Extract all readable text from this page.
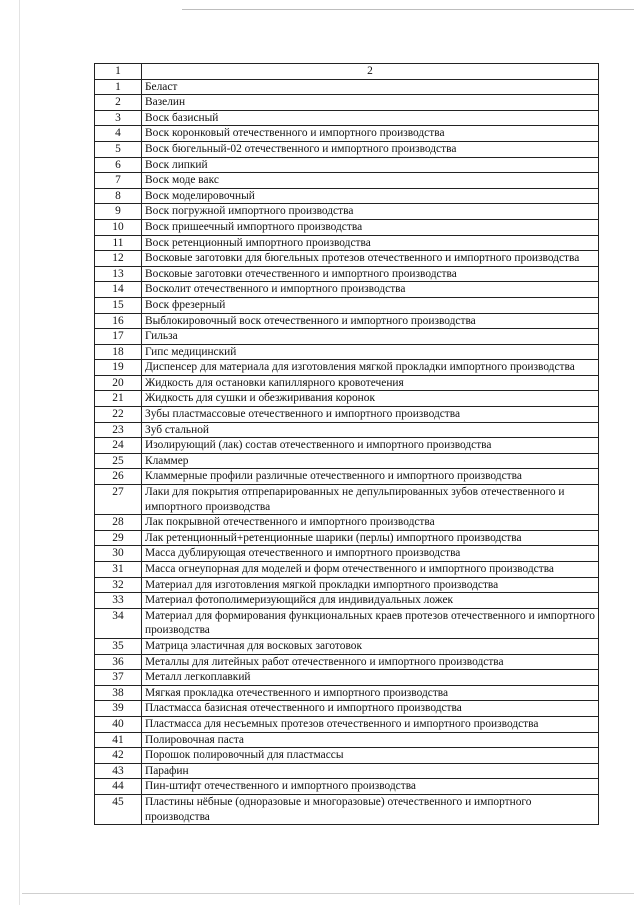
1	2
1	Беласт
2	Вазелин
3	Воск базисный
4	Воск коронковый отечественного и импортного производства
5	Воск бюгельный-02 отечественного и импортного производства
6	Воск липкий
7	Воск моде вакс
8	Воск моделировочный
9	Воск погружной импортного производства
10	Воск пришеечный импортного производства
11	Воск ретенционный импортного производства
12	Восковые заготовки для бюгельных протезов отечественного и импортного производства
13	Восковые заготовки отечественного и импортного производства
14	Восколит отечественного и импортного производства
15	Воск фрезерный
16	Выблокировочный воск отечественного и импортного производства
17	Гильза
18	Гипс медицинский
19	Диспенсер для материала для изготовления мягкой прокладки импортного производства
20	Жидкость для остановки капиллярного кровотечения
21	Жидкость для сушки и обезжиривания коронок
22	Зубы пластмассовые отечественного и импортного производства
23	Зуб стальной
24	Изолирующий (лак) состав отечественного и импортного производства
25	Кламмер
26	Кламмерные профили различные отечественного и импортного производства
27	Лаки для покрытия отпрепарированных не депульпированных зубов отечественного и импортного производства
28	Лак покрывной отечественного и импортного производства
29	Лак ретенционный+ретенционные шарики (перлы) импортного производства
30	Масса дублирующая отечественного и импортного производства
31	Масса огнеупорная для моделей и форм отечественного и импортного производства
32	Материал для изготовления мягкой прокладки импортного производства
33	Материал фотополимеризующийся для индивидуальных ложек
34	Материал для формирования функциональных краев протезов отечественного и импортного производства
35	Матрица эластичная для восковых заготовок
36	Металлы для литейных работ отечественного и импортного производства
37	Металл легкоплавкий
38	Мягкая прокладка отечественного и импортного производства
39	Пластмасса базисная отечественного и импортного производства
40	Пластмасса для несъемных протезов отечественного и импортного производства
41	Полировочная паста
42	Порошок полировочный для пластмассы
43	Парафин
44	Пин-штифт отечественного и импортного производства
45	Пластины нёбные (одноразовые и многоразовые) отечественного и импортного производства
